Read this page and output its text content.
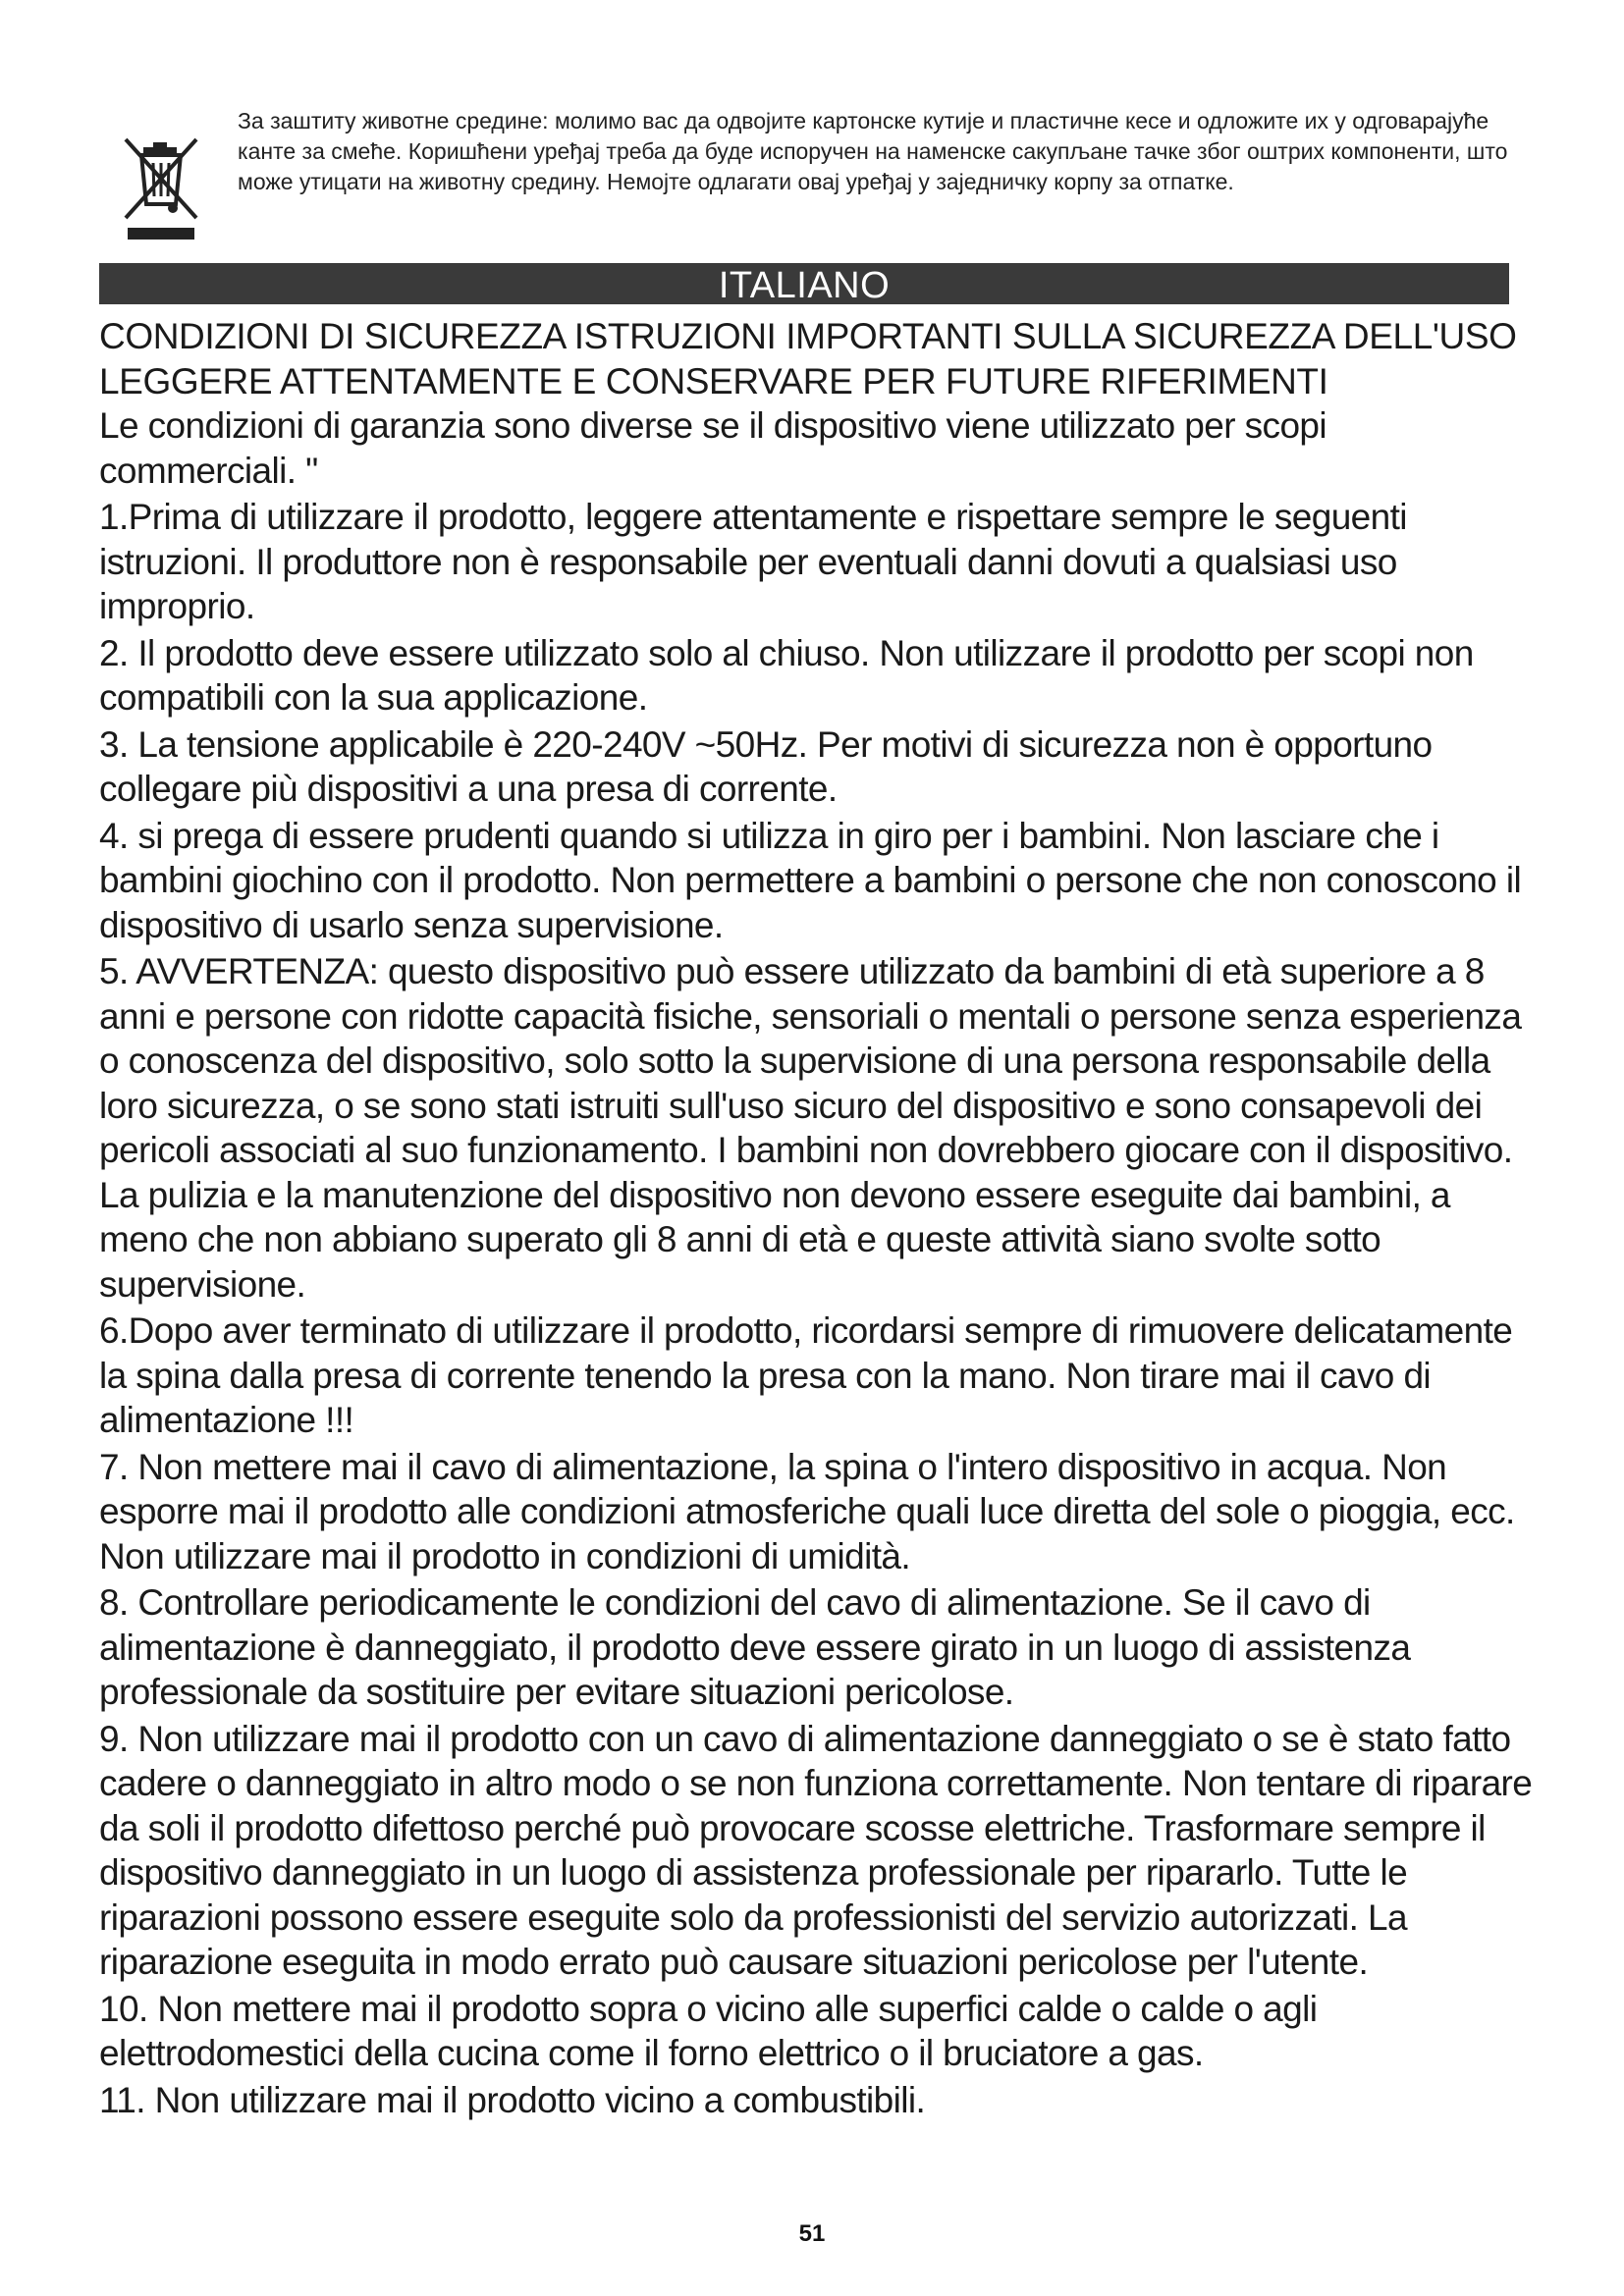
За заштиту животне средине: молимо вас да одвојите картонске кутије и пластичне кесе и одложите их у одговарајуће канте за смеће. Коришћени уређај треба да буде испоручен на наменске сакупљане тачке због оштрих компоненти, што може утицати на животну средину. Немојте одлагати овај уређај у заједничку корпу за отпатке.
ITALIANO

CONDIZIONI DI SICUREZZA ISTRUZIONI IMPORTANTI SULLA SICUREZZA DELL'USO

LEGGERE ATTENTAMENTE E CONSERVARE PER FUTURE RIFERIMENTI

Le condizioni di garanzia sono diverse se il dispositivo viene utilizzato per scopi commerciali. "

1.Prima di utilizzare il prodotto, leggere attentamente e rispettare sempre le seguenti istruzioni. Il produttore non è responsabile per eventuali danni dovuti a qualsiasi uso improprio.

2. Il prodotto deve essere utilizzato solo al chiuso. Non utilizzare il prodotto per scopi non compatibili con la sua applicazione.

3. La tensione applicabile è 220-240V ~50Hz. Per motivi di sicurezza non è opportuno collegare più dispositivi a una presa di corrente.

4. si prega di essere prudenti quando si utilizza in giro per i bambini. Non lasciare che i bambini giochino con il prodotto. Non permettere a bambini o persone che non conoscono il dispositivo di usarlo senza supervisione.

5. AVVERTENZA: questo dispositivo può essere utilizzato da bambini di età superiore a 8 anni e persone con ridotte capacità fisiche, sensoriali o mentali o persone senza esperienza o conoscenza del dispositivo, solo sotto la supervisione di una persona responsabile della loro sicurezza, o se sono stati istruiti sull'uso sicuro del dispositivo e sono consapevoli dei pericoli associati al suo funzionamento. I bambini non dovrebbero giocare con il dispositivo. La pulizia e la manutenzione del dispositivo non devono essere eseguite dai bambini, a meno che non abbiano superato gli 8 anni di età e queste attività siano svolte sotto supervisione.

6.Dopo aver terminato di utilizzare il prodotto, ricordarsi sempre di rimuovere delicatamente la spina dalla presa di corrente tenendo la presa con la mano. Non tirare mai il cavo di alimentazione !!!

7. Non mettere mai il cavo di alimentazione, la spina o l'intero dispositivo in acqua. Non esporre mai il prodotto alle condizioni atmosferiche quali luce diretta del sole o pioggia, ecc. Non utilizzare mai il prodotto in condizioni di umidità.

8. Controllare periodicamente le condizioni del cavo di alimentazione. Se il cavo di alimentazione è danneggiato, il prodotto deve essere girato in un luogo di assistenza professionale da sostituire per evitare situazioni pericolose.

9. Non utilizzare mai il prodotto con un cavo di alimentazione danneggiato o se è stato fatto cadere o danneggiato in altro modo o se non funziona correttamente. Non tentare di riparare da soli il prodotto difettoso perché può provocare scosse elettriche. Trasformare sempre il dispositivo danneggiato in un luogo di assistenza professionale per ripararlo. Tutte le riparazioni possono essere eseguite solo da professionisti del servizio autorizzati. La riparazione eseguita in modo errato può causare situazioni pericolose per l'utente.

10. Non mettere mai il prodotto sopra o vicino alle superfici calde o calde o agli elettrodomestici della cucina come il forno elettrico o il bruciatore a gas.

11. Non utilizzare mai il prodotto vicino a combustibili.

51
